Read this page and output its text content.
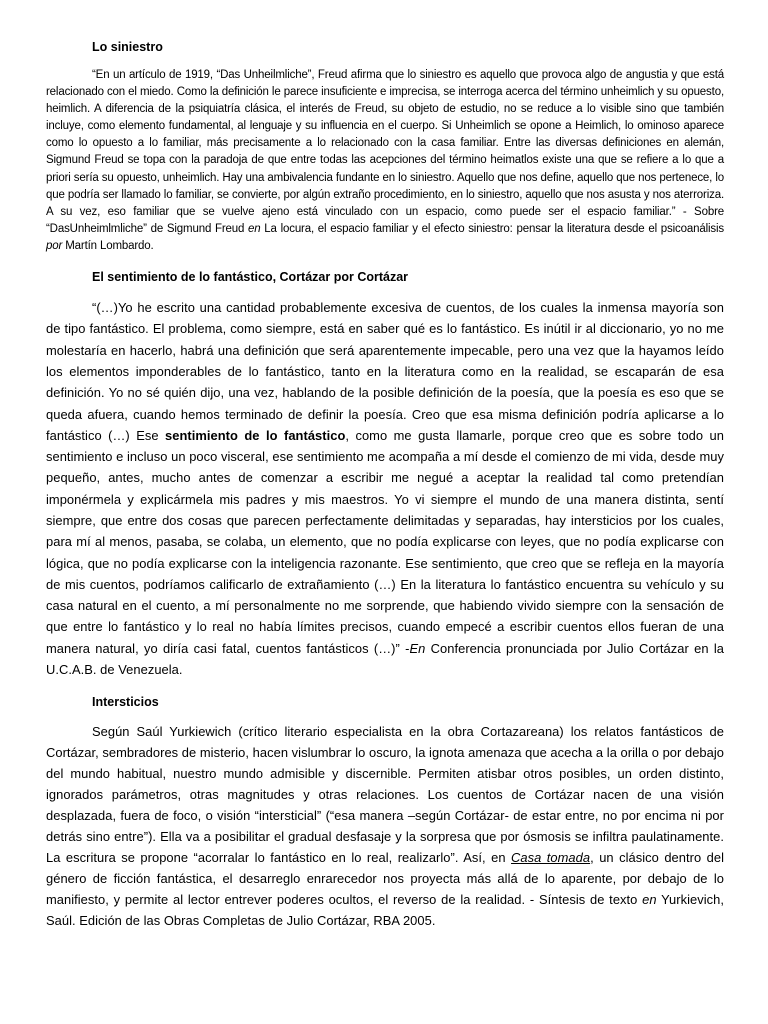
Lo siniestro

“En un artículo de 1919, “Das Unheilmliche”, Freud afirma que lo siniestro es aquello que provoca algo de angustia y que está relacionado con el miedo. Como la definición le parece insuficiente e imprecisa, se interroga acerca del término unheimlich y su opuesto, heimlich. A diferencia de la psiquiatría clásica, el interés de Freud, su objeto de estudio, no se reduce a lo visible sino que también incluye, como elemento fundamental, al lenguaje y su influencia en el cuerpo. Si Unheimlich se opone a Heimlich, lo ominoso aparece como lo opuesto a lo familiar, más precisamente a lo relacionado con la casa familiar. Entre las diversas definiciones en alemán, Sigmund Freud se topa con la paradoja de que entre todas las acepciones del término heimatlos existe una que se refiere a lo que a priori sería su opuesto, unheimlich. Hay una ambivalencia fundante en lo siniestro. Aquello que nos define, aquello que nos pertenece, lo que podría ser llamado lo familiar, se convierte, por algún extraño procedimiento, en lo siniestro, aquello que nos asusta y nos aterroriza. A su vez, eso familiar que se vuelve ajeno está vinculado con un espacio, como puede ser el espacio familiar.” - Sobre “DasUnheimlmliche” de Sigmund Freud en La locura, el espacio familiar y el efecto siniestro: pensar la literatura desde el psicoanálisis por Martín Lombardo.

El sentimiento de lo fantástico, Cortázar por Cortázar

“(…)Yo he escrito una cantidad probablemente excesiva de cuentos, de los cuales la inmensa mayoría son de tipo fantástico. El problema, como siempre, está en saber qué es lo fantástico. Es inútil ir al diccionario, yo no me molestaría en hacerlo, habrá una definición que será aparentemente impecable, pero una vez que la hayamos leído los elementos imponderables de lo fantástico, tanto en la literatura como en la realidad, se escaparán de esa definición. Yo no sé quién dijo, una vez, hablando de la posible definición de la poesía, que la poesía es eso que se queda afuera, cuando hemos terminado de definir la poesía. Creo que esa misma definición podría aplicarse a lo fantástico (…) Ese sentimiento de lo fantástico, como me gusta llamarle, porque creo que es sobre todo un sentimiento e incluso un poco visceral, ese sentimiento me acompaña a mí desde el comienzo de mi vida, desde muy pequeño, antes, mucho antes de comenzar a escribir me negué a aceptar la realidad tal como pretendían imponérmela y explicármela mis padres y mis maestros. Yo vi siempre el mundo de una manera distinta, sentí siempre, que entre dos cosas que parecen perfectamente delimitadas y separadas, hay intersticios por los cuales, para mí al menos, pasaba, se colaba, un elemento, que no podía explicarse con leyes, que no podía explicarse con lógica, que no podía explicarse con la inteligencia razonante. Ese sentimiento, que creo que se refleja en la mayoría de mis cuentos, podríamos calificarlo de extrañamiento (…) En la literatura lo fantástico encuentra su vehículo y su casa natural en el cuento, a mí personalmente no me sorprende, que habiendo vivido siempre con la sensación de que entre lo fantástico y lo real no había límites precisos, cuando empecé a escribir cuentos ellos fueran de una manera natural, yo diría casi fatal, cuentos fantásticos (…)” -En Conferencia pronunciada por Julio Cortázar en la U.C.A.B. de Venezuela.

Intersticios

Según Saúl Yurkiewich (crítico literario especialista en la obra Cortazareana) los relatos fantásticos de Cortázar, sembradores de misterio, hacen vislumbrar lo oscuro, la ignota amenaza que acecha a la orilla o por debajo del mundo habitual, nuestro mundo admisible y discernible. Permiten atisbar otros posibles, un orden distinto, ignorados parámetros, otras magnitudes y otras relaciones. Los cuentos de Cortázar nacen de una visión desplazada, fuera de foco, o visión “intersticial” (“esa manera –según Cortázar- de estar entre, no por encima ni por detrás sino entre”). Ella va a posibilitar el gradual desfasaje y la sorpresa que por ósmosis se infiltra paulatinamente. La escritura se propone “acorralar lo fantástico en lo real, realizarlo”. Así, en Casa tomada, un clásico dentro del género de ficción fantástica, el desarreglo enrarecedor nos proyecta más allá de lo aparente, por debajo de lo manifiesto, y permite al lector entrever poderes ocultos, el reverso de la realidad. - Síntesis de texto en Yurkievich, Saúl. Edición de las Obras Completas de Julio Cortázar, RBA 2005.
